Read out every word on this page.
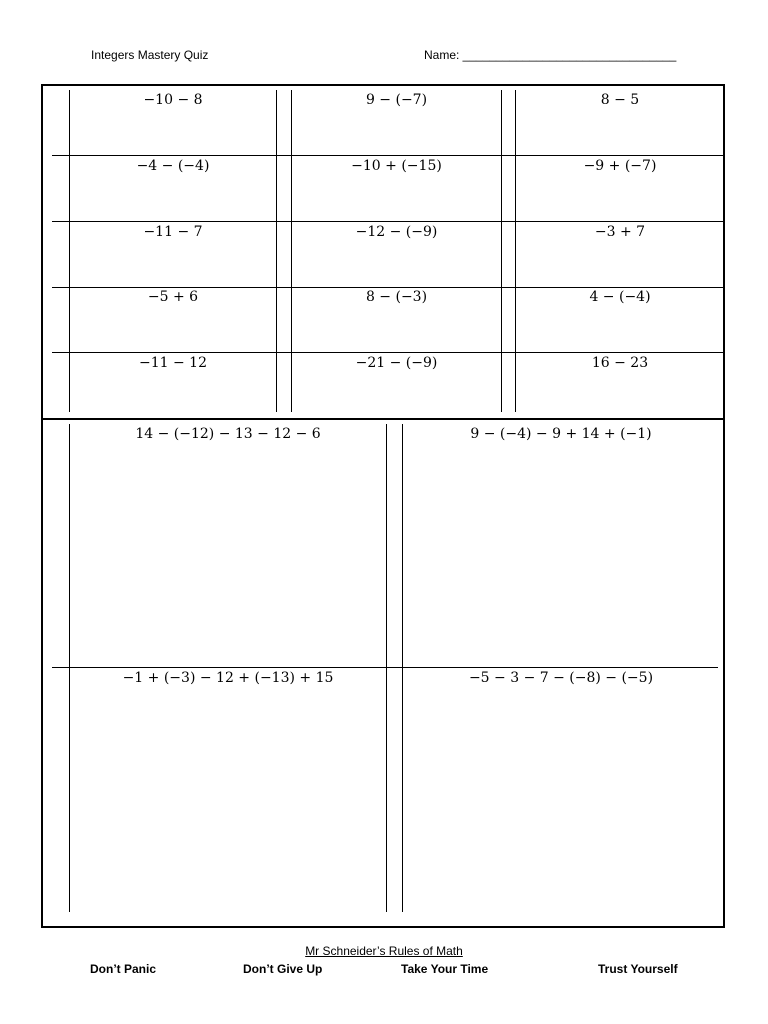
Integers Mastery Quiz	Name: ________________________________
−10 − 8	9 − (−7)	8 − 5
−4 − (−4)	−10 + (−15)	−9 + (−7)
−11 − 7	−12 − (−9)	−3 + 7
−5 + 6	8 − (−3)	4 − (−4)
−11 − 12	−21 − (−9)	16 − 23
14 − (−12) − 13 − 12 − 6	9 − (−4) − 9 + 14 + (−1)
−1 + (−3) − 12 + (−13) + 15	−5 − 3 − 7 − (−8) − (−5)
Mr Schneider’s Rules of Math
Don’t Panic	Don’t Give Up	Take Your Time	Trust Yourself
